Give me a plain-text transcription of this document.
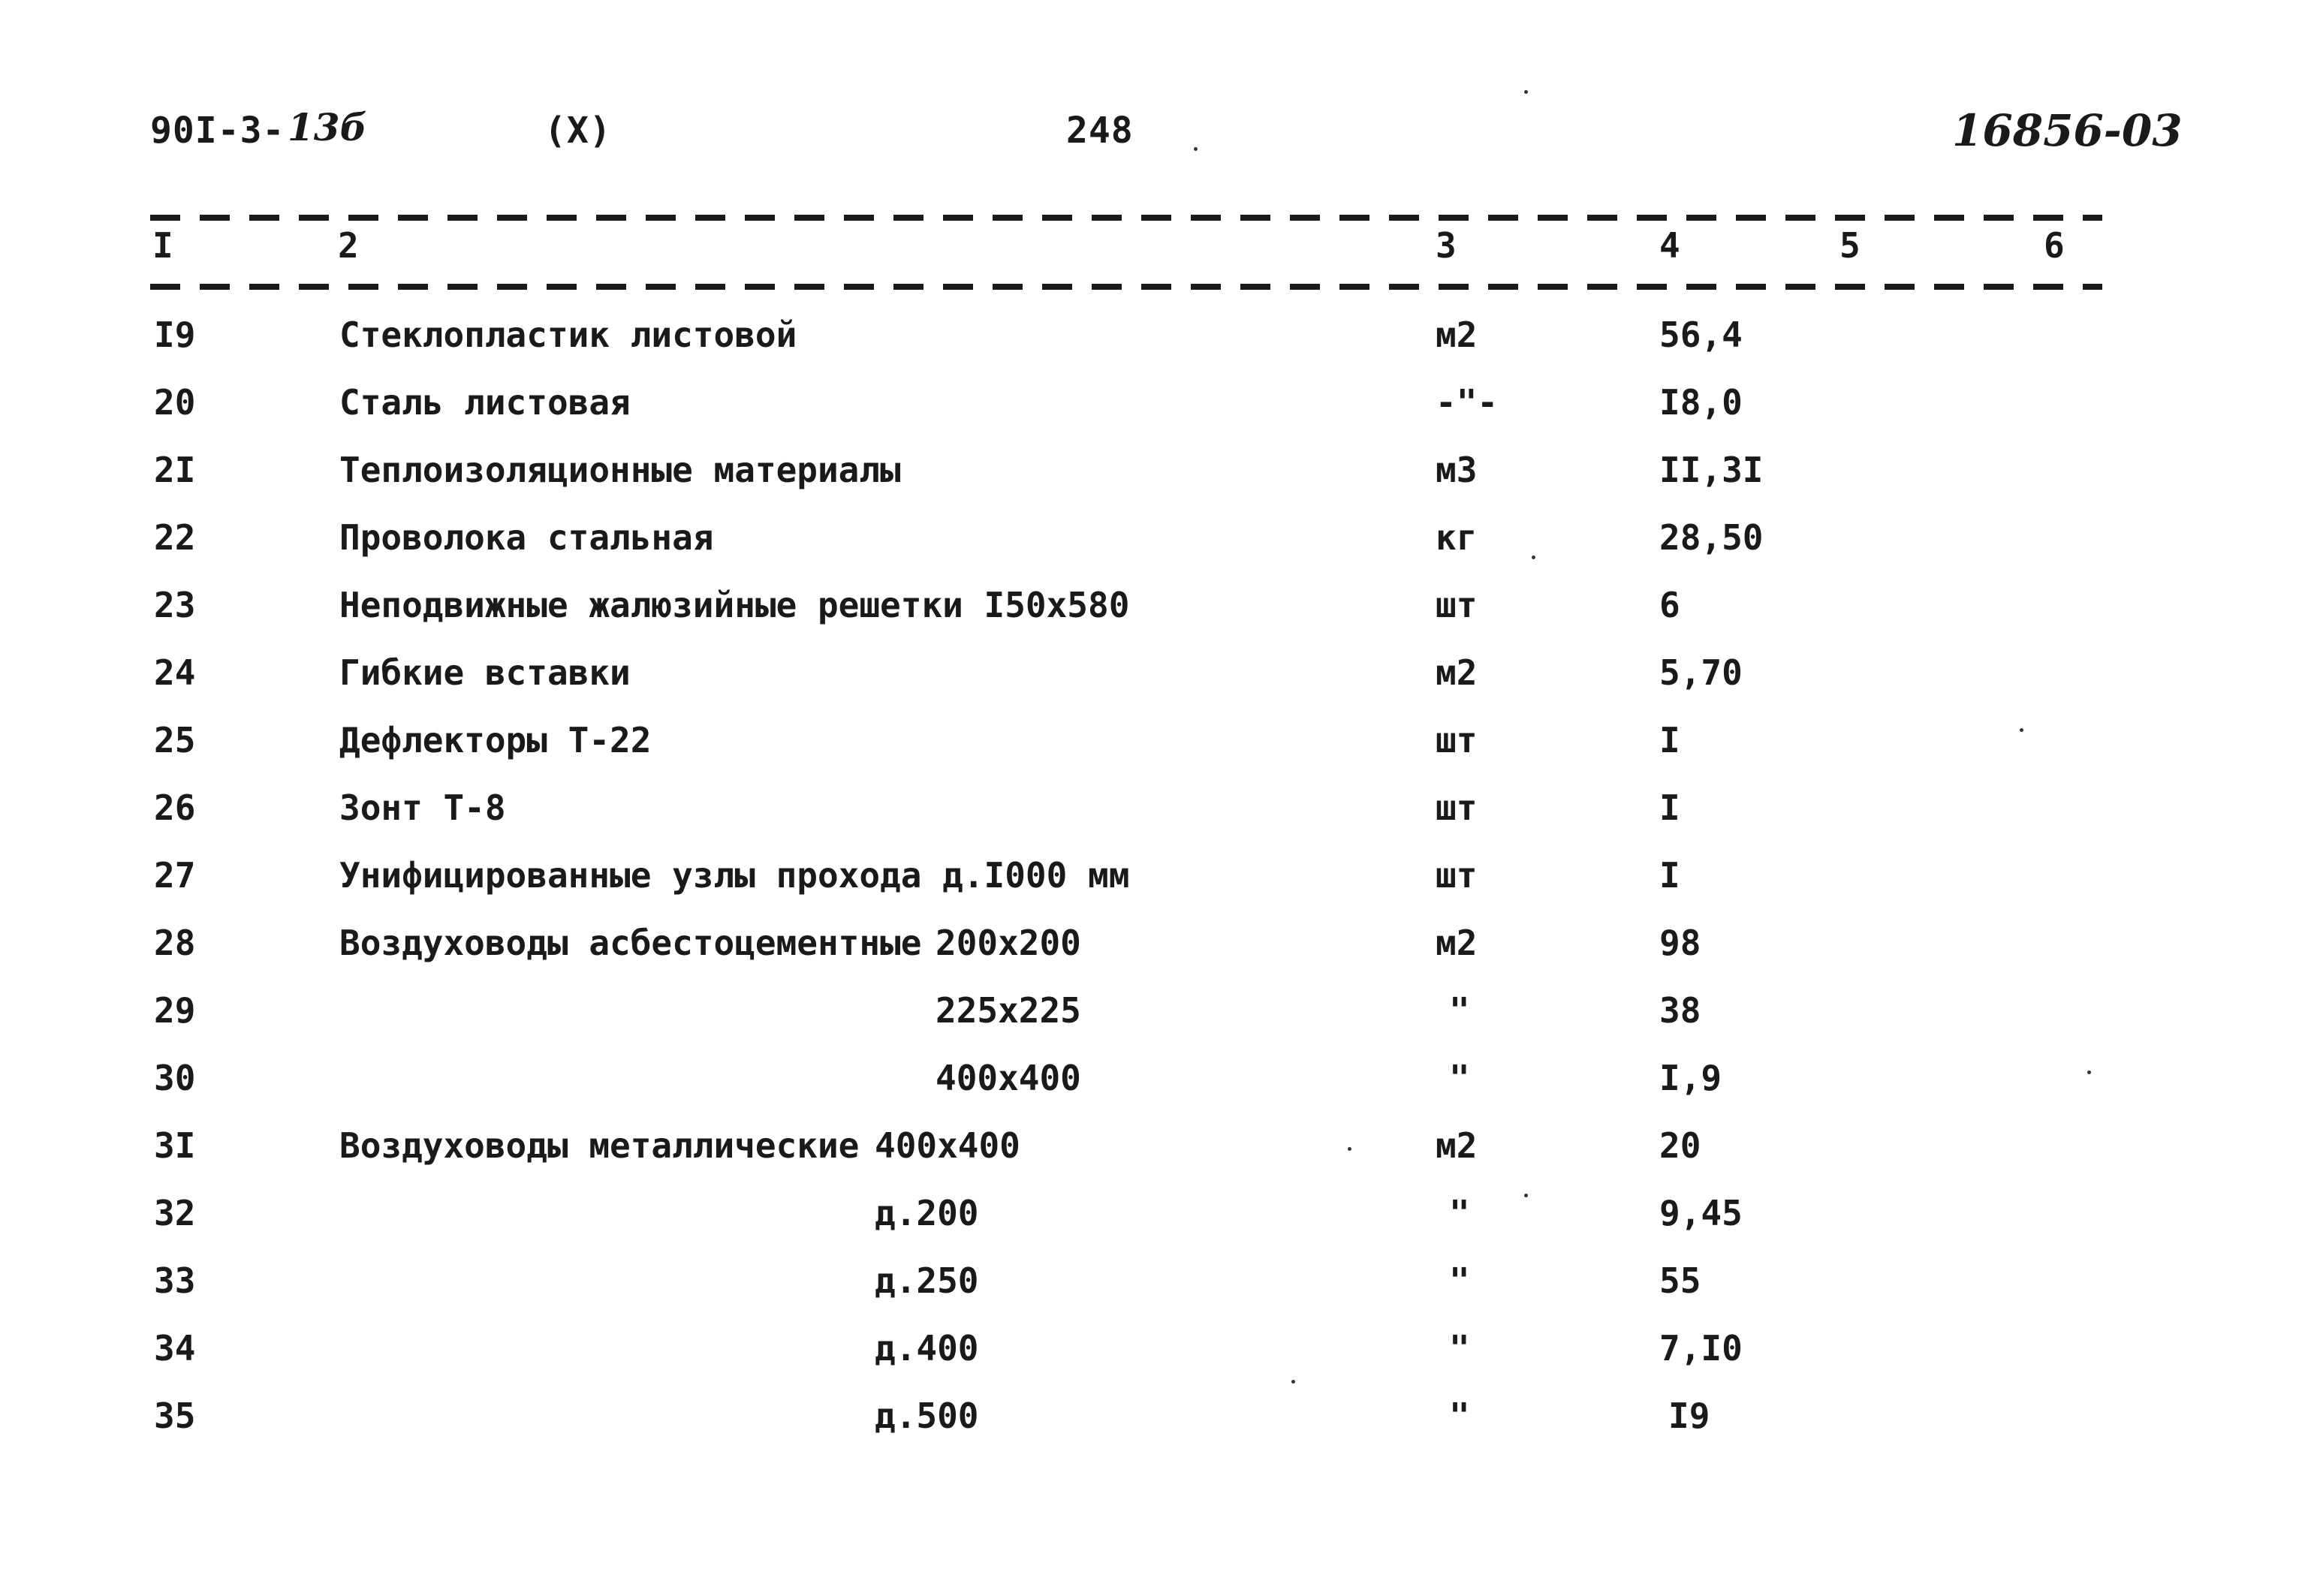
90I-3- 13б	(X)	248	16856-03
I	2	3	4	5	6
I9	Стеклопластик листовой	м2	56,4
20	Сталь листовая	-"-	I8,0
2I	Теплоизоляционные материалы	м3	II,3I
22	Проволока стальная	кг	28,50
23	Неподвижные жалюзийные решетки I50x580	шт	6
24	Гибкие вставки	м2	5,70
25	Дефлекторы Т-22	шт	I
26	Зонт Т-8	шт	I
27	Унифицированные узлы прохода д.I000 мм	шт	I
28	Воздуховоды асбестоцементные 200x200	м2	98
29	225x225	"	38
30	400x400	"	I,9
3I	Воздуховоды металлические 400x400	м2	20
32	д.200	"	9,45
33	д.250	"	55
34	д.400	"	7,I0
35	д.500	"	I9
